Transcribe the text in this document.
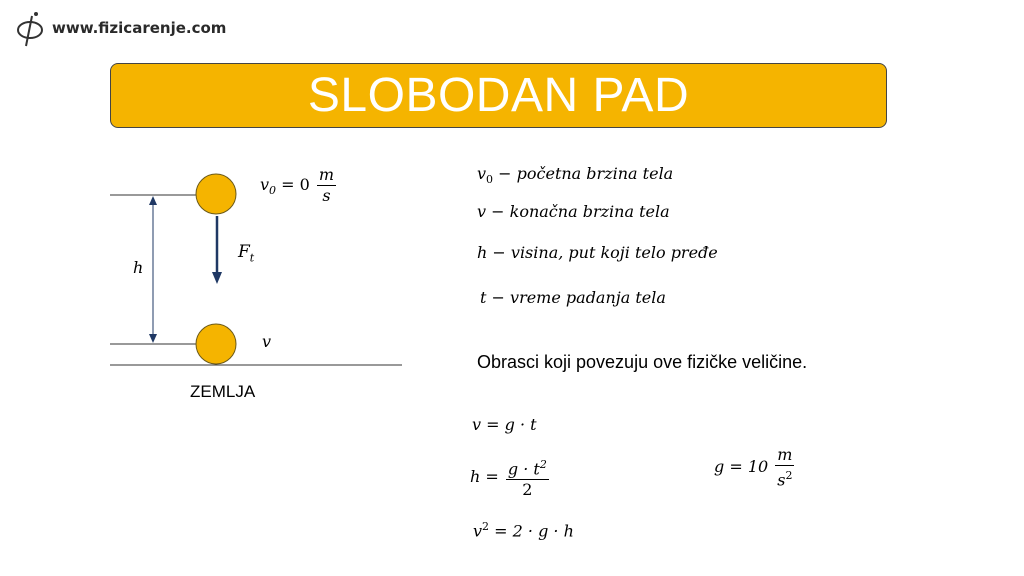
www.fizicarenje.com
SLOBODAN PAD
$v_0 = 0 \frac{m}{s}$
$F_t$
h
v
ZEMLJA
$v_0$ − početna brzina tela
v − konačna brzina tela
h − visina, put koji telo pređe
t − vreme padanja tela
Obrasci koji povezuju ove fizičke veličine.
v = g · t
$h = \frac{g \cdot t^2}{2}$
$v^2 = 2 \cdot g \cdot h$
$g = 10 \frac{m}{s^2}$
